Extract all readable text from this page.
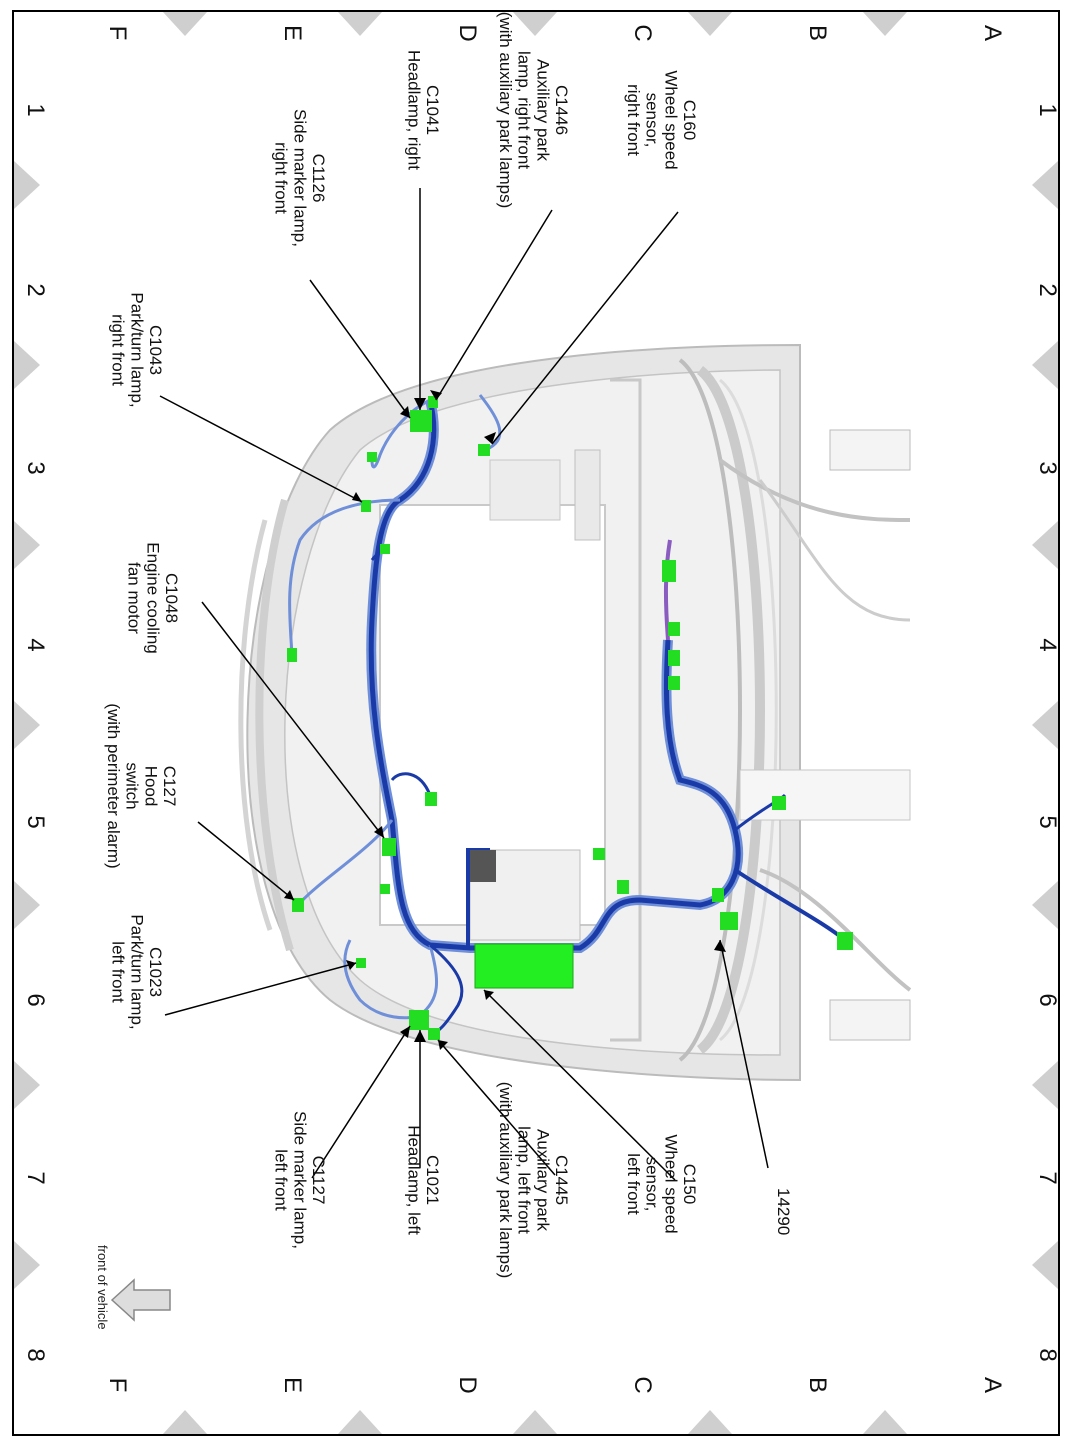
A
A
B
B
C
C
D
D
E
E
F
F
1
1
2
2
3
3
4
4
5
5
6
6
7
7
8
8
C160Wheel speedsensor,right front
C1446Auxiliary parklamp, right front(with auxiliary park lamps)
C1041Headlamp, right
C1126Side marker lamp,right front
C1043Park/turn lamp,right front
C1048Engine coolingfan motor
C127Hoodswitch(with perimeter alarm)
C1023Park/turn lamp,left front
C150Wheel speedsensor,left front
C1445Auxiliary parklamp, left front(with auxiliary park lamps)
C1021Headlamp, left
C1127Side marker lamp,left front
14290
front of vehicle
